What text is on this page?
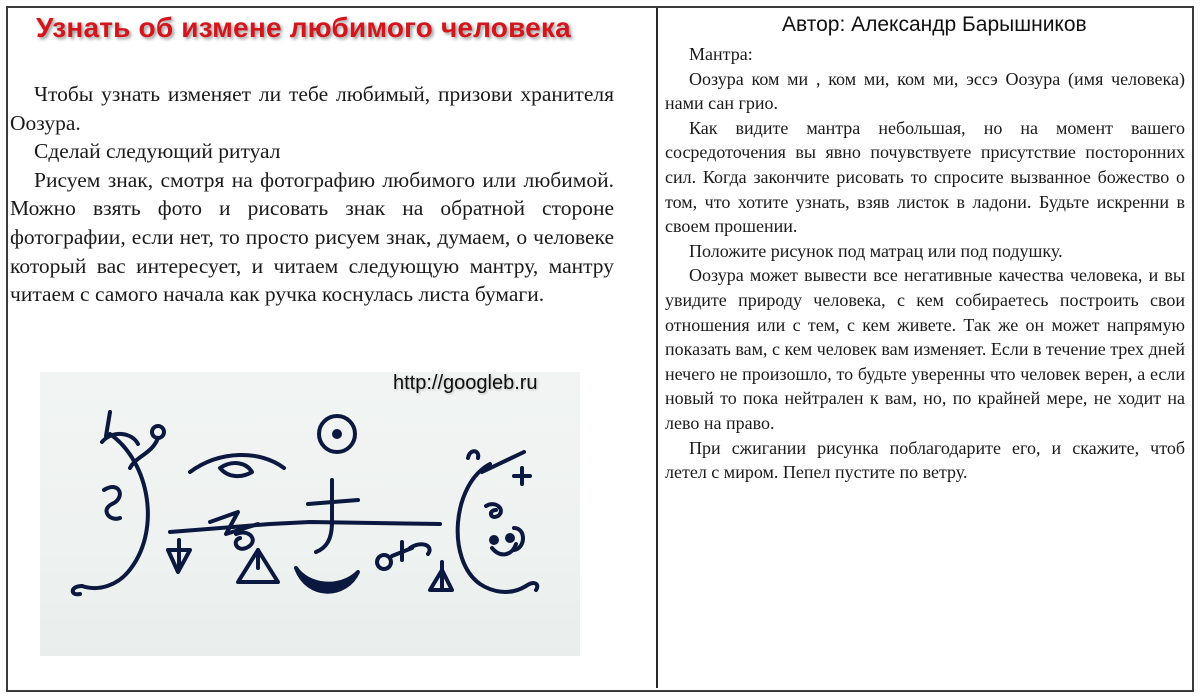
Узнать об измене любимого человека	Автор: Александр Барышников

Чтобы узнать изменяет ли тебе любимый, призови хранителя Оозура.

Сделай следующий ритуал

Рисуем знак, смотря на фотографию любимого или любимой. Можно взять фото и рисовать знак на обратной стороне фотографии, если нет, то просто рисуем знак, думаем, о человеке который вас интересует, и читаем следующую мантру, мантру читаем с самого начала как ручка коснулась листа бумаги.

Мантра:

Оозура ком ми , ком ми, ком ми, эссэ Оозура (имя человека) нами сан грио.

Как видите мантра небольшая, но на момент вашего сосредоточения вы явно почувствуете присутствие посторонних сил. Когда закончите рисовать то спросите вызванное божество о том, что хотите узнать, взяв листок в ладони. Будьте искренни в своем прошении.

Положите рисунок под матрац или под подушку.

Оозура может вывести все негативные качества человека, и вы увидите природу человека, с кем собираетесь построить свои отношения или с тем, с кем живете. Так же он может напрямую показать вам, с кем человек вам изменяет. Если в течение трех дней нечего не произошло, то будьте уверенны что человек верен, а если новый то пока нейтрален к вам, но, по крайней мере, не ходит на лево на право.

При сжигании рисунка поблагодарите его, и скажите, чтоб летел с миром. Пепел пустите по ветру.

http://googleb.ru
